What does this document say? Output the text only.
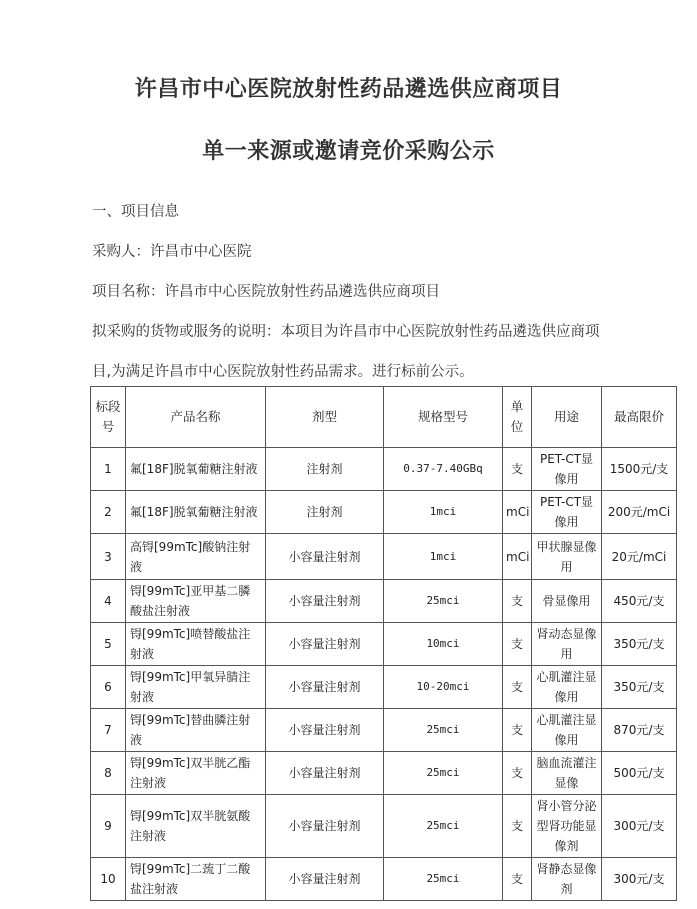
许昌市中心医院放射性药品遴选供应商项目
单一来源或邀请竞价采购公示
一、项目信息
采购人：许昌市中心医院
项目名称：许昌市中心医院放射性药品遴选供应商项目
拟采购的货物或服务的说明：本项目为许昌市中心医院放射性药品遴选供应商项
目,为满足许昌市中心医院放射性药品需求。进行标前公示。
标段号	产品名称	剂型	规格型号	单位	用途	最高限价
1	氟[18F]脱氧葡糖注射液	注射剂	0.37-7.40GBq	支	PET-CT显像用	1500元/支
2	氟[18F]脱氧葡糖注射液	注射剂	1mci	mCi	PET-CT显像用	200元/mCi
3	高锝[99mTc]酸钠注射液	小容量注射剂	1mci	mCi	甲状腺显像用	20元/mCi
4	锝[99mTc]亚甲基二膦酸盐注射液	小容量注射剂	25mci	支	骨显像用	450元/支
5	锝[99mTc]喷替酸盐注射液	小容量注射剂	10mci	支	肾动态显像用	350元/支
6	锝[99mTc]甲氧异腈注射液	小容量注射剂	10-20mci	支	心肌灌注显像用	350元/支
7	锝[99mTc]替曲膦注射液	小容量注射剂	25mci	支	心肌灌注显像用	870元/支
8	锝[99mTc]双半胱乙酯注射液	小容量注射剂	25mci	支	脑血流灌注显像	500元/支
9	锝[99mTc]双半胱氨酸注射液	小容量注射剂	25mci	支	肾小管分泌型肾功能显像剂	300元/支
10	锝[99mTc]二巯丁二酸盐注射液	小容量注射剂	25mci	支	肾静态显像剂	300元/支
